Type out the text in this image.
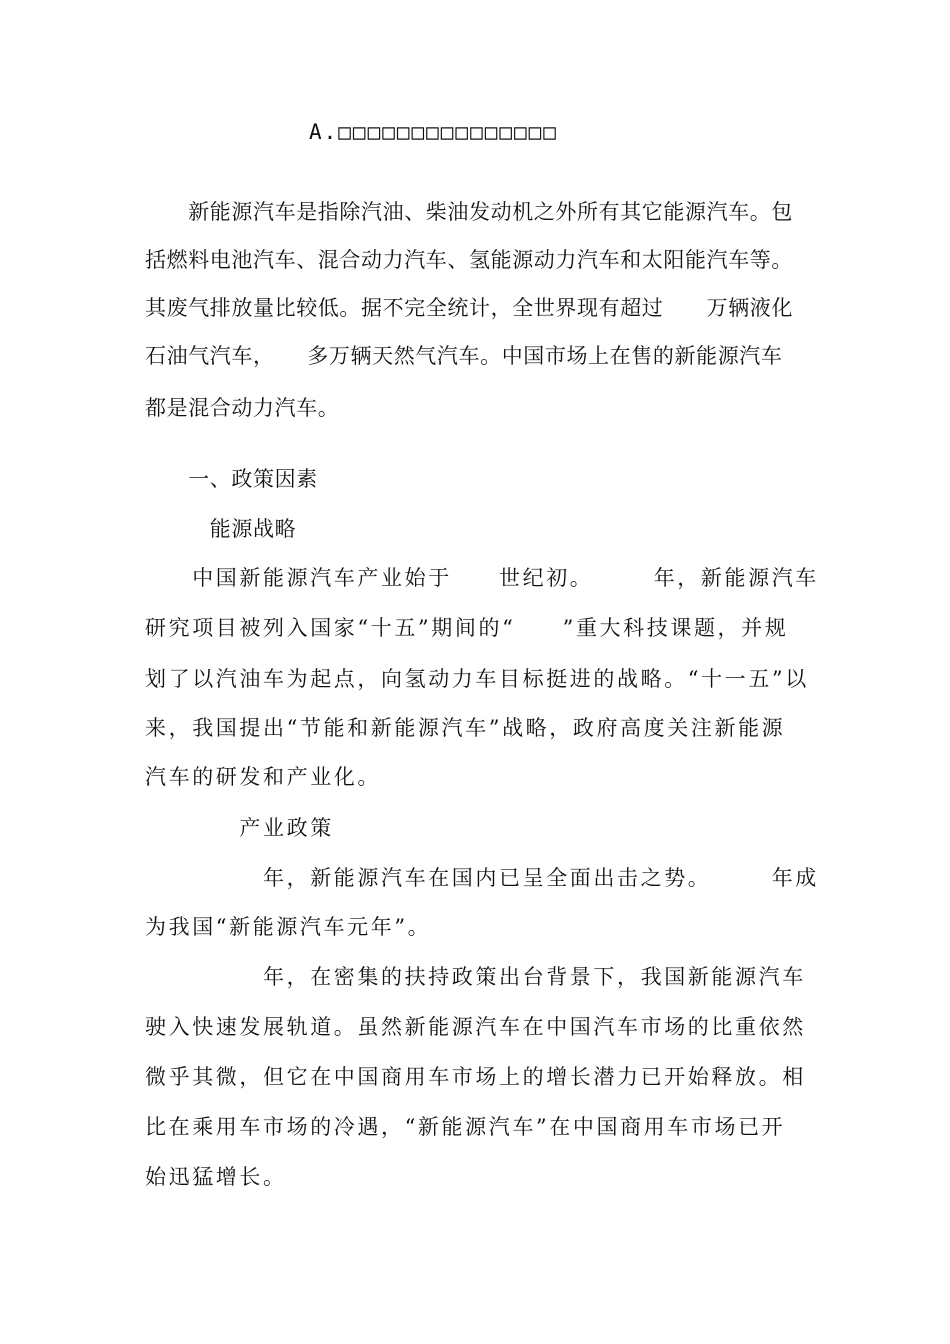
A.□□□□□□□□□□□□□□□
　　新能源汽车是指除汽油、柴油发动机之外所有其它能源汽车。包
括燃料电池汽车、混合动力汽车、氢能源动力汽车和太阳能汽车等。
其废气排放量比较低。据不完全统计，全世界现有超过　　万辆液化
石油气汽车，　　多万辆天然气汽车。中国市场上在售的新能源汽车
都是混合动力汽车。
　　一、政策因素
　　　能源战略
　　中国新能源汽车产业始于　　世纪初。　　　年，新能源汽车
研究项目被列入国家“十五”期间的“　　”重大科技课题，并规
划了以汽油车为起点，向氢动力车目标挺进的战略。“十一五”以
来，我国提出“节能和新能源汽车”战略，政府高度关注新能源
汽车的研发和产业化。
　　　　产业政策
　　　　　年，新能源汽车在国内已呈全面出击之势。　　　年成
为我国“新能源汽车元年”。
　　　　　年，在密集的扶持政策出台背景下，我国新能源汽车
驶入快速发展轨道。虽然新能源汽车在中国汽车市场的比重依然
微乎其微，但它在中国商用车市场上的增长潜力已开始释放。相
比在乘用车市场的冷遇，“新能源汽车”在中国商用车市场已开
始迅猛增长。
